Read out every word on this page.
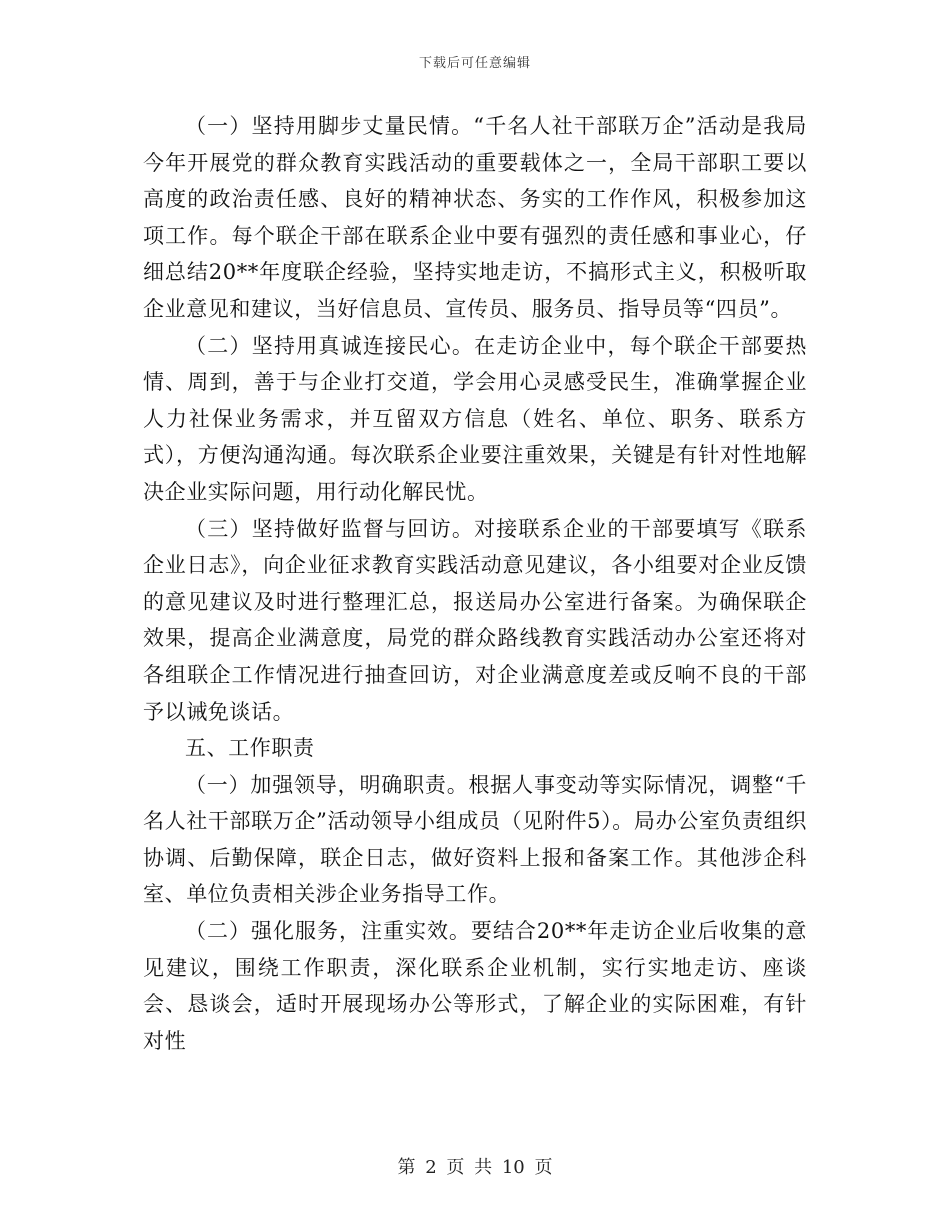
下载后可任意编辑

（一）坚持用脚步丈量民情。“千名人社干部联万企”活动是我局今年开展党的群众教育实践活动的重要载体之一，全局干部职工要以高度的政治责任感、良好的精神状态、务实的工作作风，积极参加这项工作。每个联企干部在联系企业中要有强烈的责任感和事业心，仔细总结20**年度联企经验，坚持实地走访，不搞形式主义，积极听取企业意见和建议，当好信息员、宣传员、服务员、指导员等“四员”。

（二）坚持用真诚连接民心。在走访企业中，每个联企干部要热情、周到，善于与企业打交道，学会用心灵感受民生，准确掌握企业人力社保业务需求，并互留双方信息（姓名、单位、职务、联系方式），方便沟通沟通。每次联系企业要注重效果，关键是有针对性地解决企业实际问题，用行动化解民忧。

（三）坚持做好监督与回访。对接联系企业的干部要填写《联系企业日志》，向企业征求教育实践活动意见建议，各小组要对企业反馈的意见建议及时进行整理汇总，报送局办公室进行备案。为确保联企效果，提高企业满意度，局党的群众路线教育实践活动办公室还将对各组联企工作情况进行抽查回访，对企业满意度差或反响不良的干部予以诫免谈话。

五、工作职责

（一）加强领导，明确职责。根据人事变动等实际情况，调整“千名人社干部联万企”活动领导小组成员（见附件5）。局办公室负责组织协调、后勤保障，联企日志，做好资料上报和备案工作。其他涉企科室、单位负责相关涉企业务指导工作。

（二）强化服务，注重实效。要结合20**年走访企业后收集的意见建议，围绕工作职责，深化联系企业机制，实行实地走访、座谈会、恳谈会，适时开展现场办公等形式，了解企业的实际困难，有针对性

第 2 页 共 10 页
